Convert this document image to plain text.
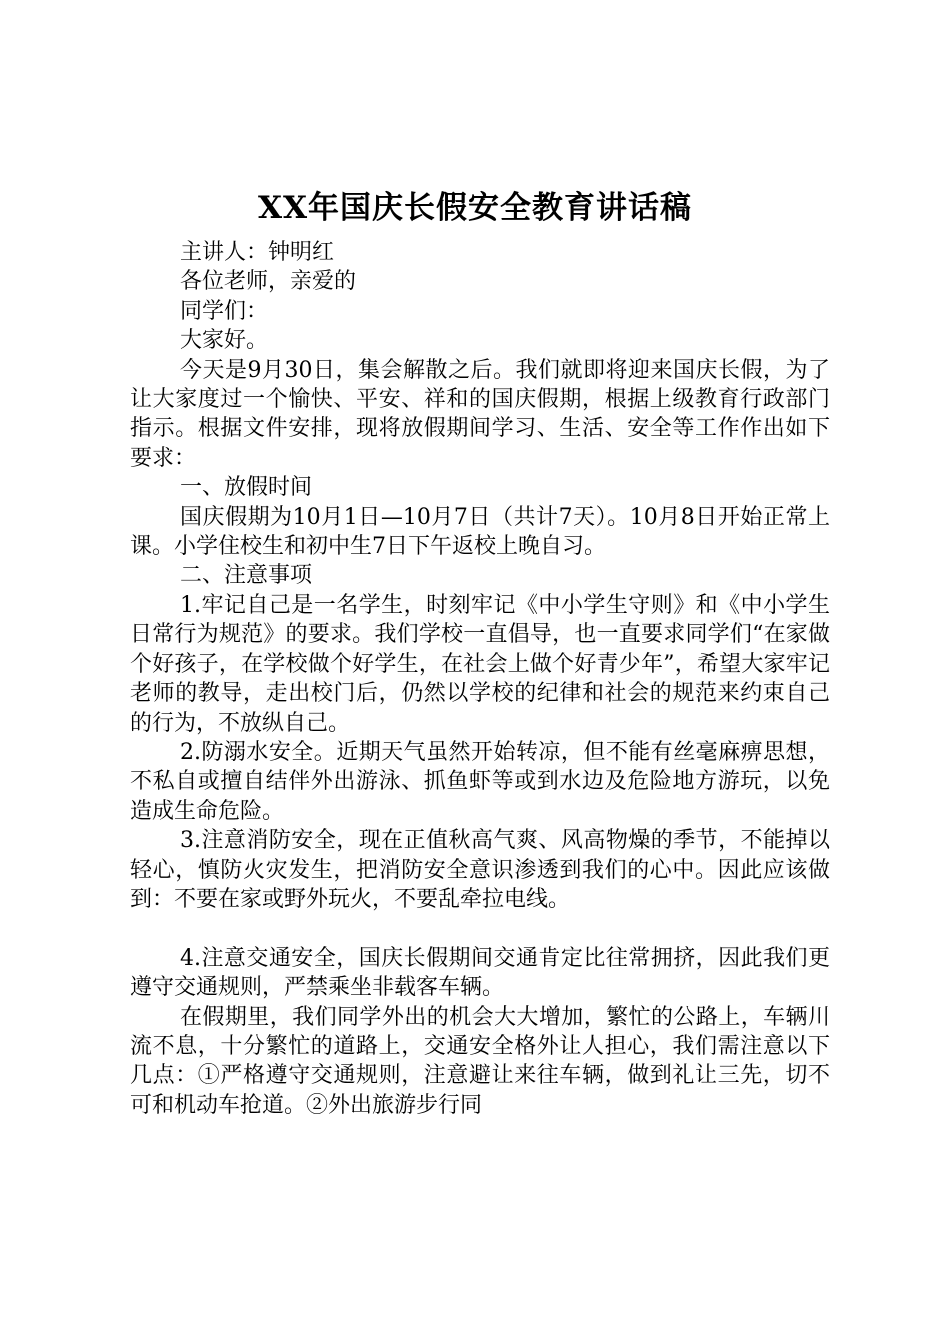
XX年国庆长假安全教育讲话稿

主讲人：钟明红

各位老师，亲爱的

同学们：

大家好。

今天是9月30日，集会解散之后。我们就即将迎来国庆长假，为了让大家度过一个愉快、平安、祥和的国庆假期，根据上级教育行政部门指示。根据文件安排，现将放假期间学习、生活、安全等工作作出如下要求：

一、放假时间

国庆假期为10月1日—10月7日（共计7天）。10月8日开始正常上课。小学住校生和初中生7日下午返校上晚自习。

二、注意事项

1.牢记自己是一名学生，时刻牢记《中小学生守则》和《中小学生日常行为规范》的要求。我们学校一直倡导，也一直要求同学们“在家做个好孩子，在学校做个好学生，在社会上做个好青少年”，希望大家牢记老师的教导，走出校门后，仍然以学校的纪律和社会的规范来约束自己的行为，不放纵自己。

2.防溺水安全。近期天气虽然开始转凉，但不能有丝毫麻痹思想，不私自或擅自结伴外出游泳、抓鱼虾等或到水边及危险地方游玩，以免造成生命危险。

3.注意消防安全，现在正值秋高气爽、风高物燥的季节，不能掉以轻心，慎防火灾发生，把消防安全意识渗透到我们的心中。因此应该做到：不要在家或野外玩火，不要乱牵拉电线。

4.注意交通安全，国庆长假期间交通肯定比往常拥挤，因此我们更遵守交通规则，严禁乘坐非载客车辆。

在假期里，我们同学外出的机会大大增加，繁忙的公路上，车辆川流不息，十分繁忙的道路上，交通安全格外让人担心，我们需注意以下几点：①严格遵守交通规则，注意避让来往车辆，做到礼让三先，切不可和机动车抢道。②外出旅游步行同
